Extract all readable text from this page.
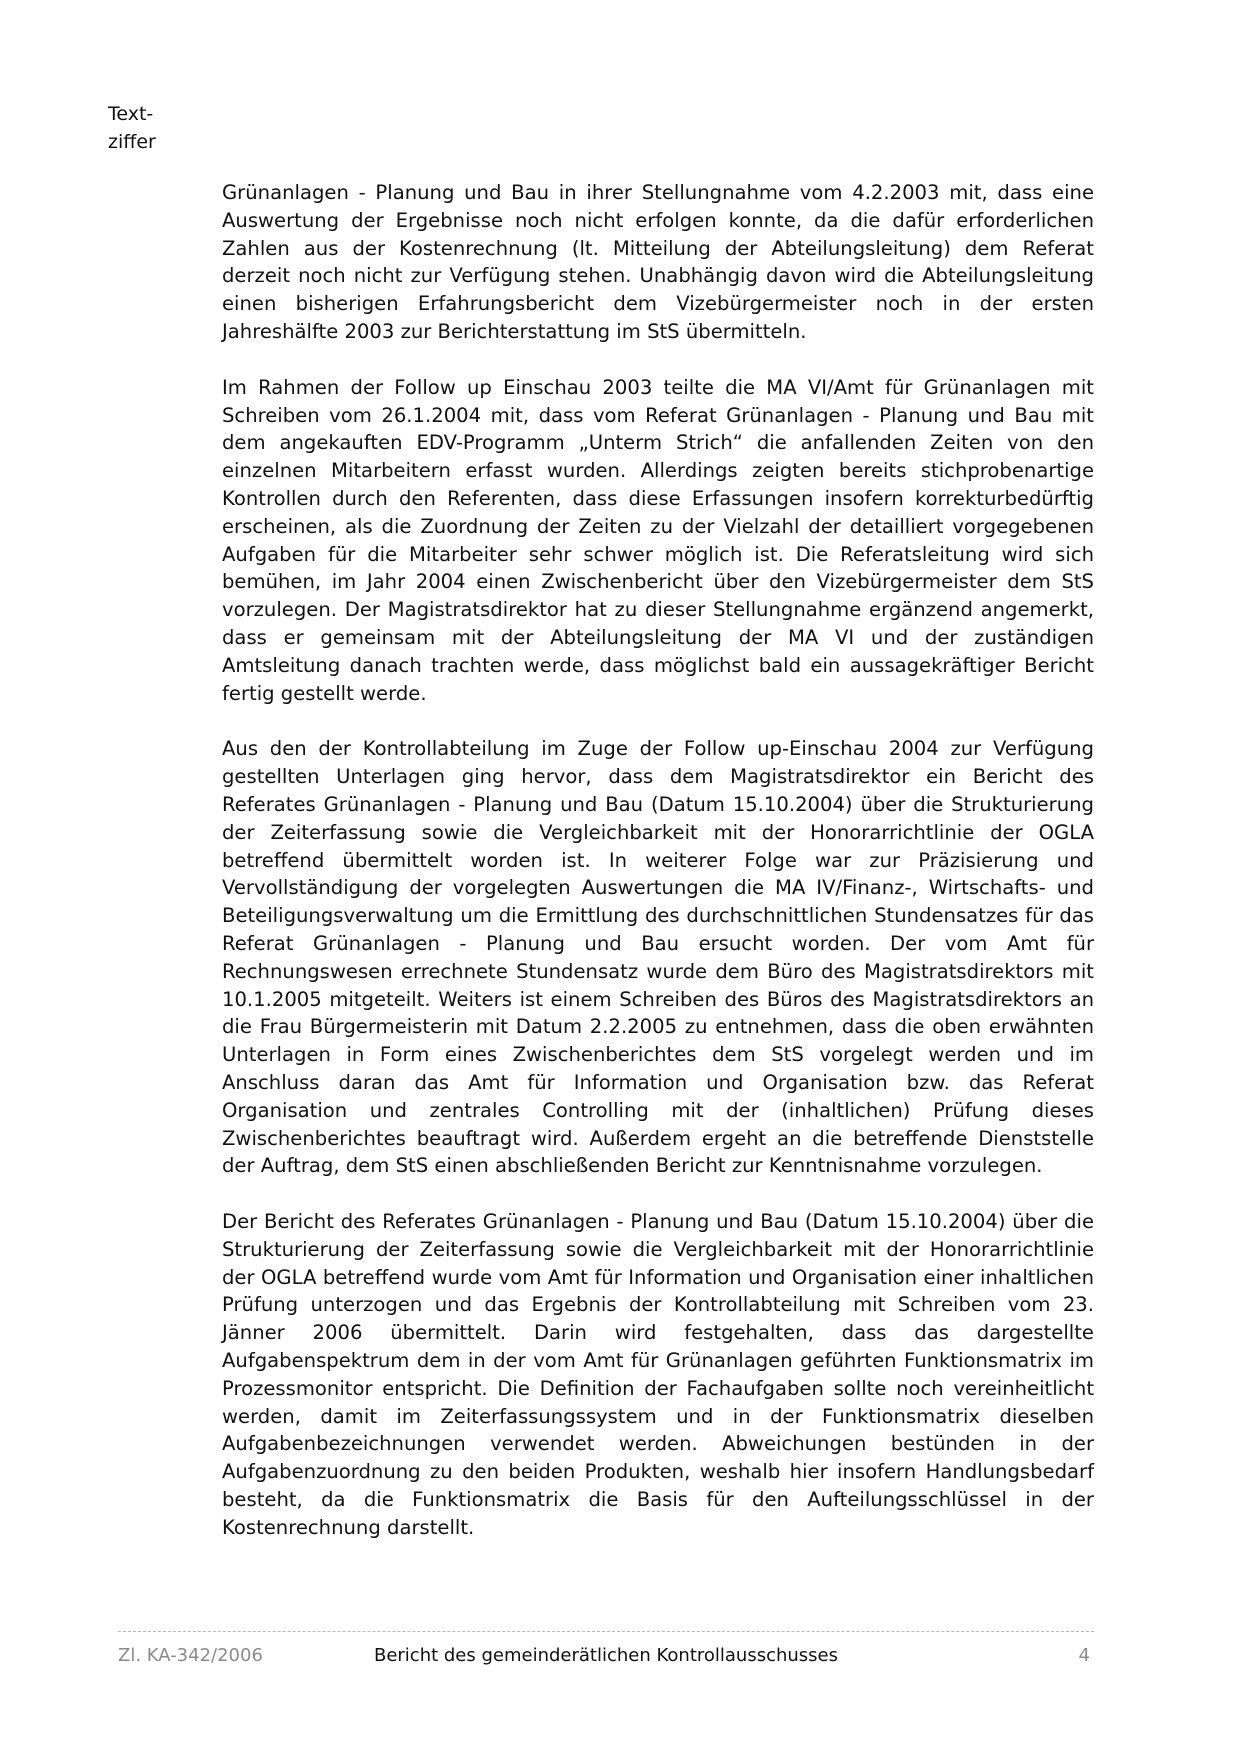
Text-
ziffer

Grünanlagen - Planung und Bau in ihrer Stellungnahme vom 4.2.2003 mit, dass eine Auswertung der Ergebnisse noch nicht erfolgen konnte, da die dafür erforderlichen Zahlen aus der Kostenrechnung (lt. Mitteilung der Abteilungsleitung) dem Referat derzeit noch nicht zur Verfügung stehen. Unabhängig davon wird die Abteilungsleitung einen bisherigen Erfahrungsbericht dem Vizebürgermeister noch in der ersten Jahreshälfte 2003 zur Berichterstattung im StS übermitteln.

Im Rahmen der Follow up Einschau 2003 teilte die MA VI/Amt für Grünanlagen mit Schreiben vom 26.1.2004 mit, dass vom Referat Grünanlagen - Planung und Bau mit dem angekauften EDV-Programm „Unterm Strich“ die anfallenden Zeiten von den einzelnen Mitarbeitern erfasst wurden. Allerdings zeigten bereits stichprobenartige Kontrollen durch den Referenten, dass diese Erfassungen insofern korrekturbedürftig erscheinen, als die Zuordnung der Zeiten zu der Vielzahl der detailliert vorgegebenen Aufgaben für die Mitarbeiter sehr schwer möglich ist. Die Referatsleitung wird sich bemühen, im Jahr 2004 einen Zwischenbericht über den Vizebürgermeister dem StS vorzulegen. Der Magistratsdirektor hat zu dieser Stellungnahme ergänzend angemerkt, dass er gemeinsam mit der Abteilungsleitung der MA VI und der zuständigen Amtsleitung danach trachten werde, dass möglichst bald ein aussagekräftiger Bericht fertig gestellt werde.

Aus den der Kontrollabteilung im Zuge der Follow up-Einschau 2004 zur Verfügung gestellten Unterlagen ging hervor, dass dem Magistratsdirektor ein Bericht des Referates Grünanlagen - Planung und Bau (Datum 15.10.2004) über die Strukturierung der Zeiterfassung sowie die Vergleichbarkeit mit der Honorarrichtlinie der OGLA betreffend übermittelt worden ist. In weiterer Folge war zur Präzisierung und Vervollständigung der vorgelegten Auswertungen die MA IV/Finanz-, Wirtschafts- und Beteiligungsverwaltung um die Ermittlung des durchschnittlichen Stundensatzes für das Referat Grünanlagen - Planung und Bau ersucht worden. Der vom Amt für Rechnungswesen errechnete Stundensatz wurde dem Büro des Magistratsdirektors mit 10.1.2005 mitgeteilt. Weiters ist einem Schreiben des Büros des Magistratsdirektors an die Frau Bürgermeisterin mit Datum 2.2.2005 zu entnehmen, dass die oben erwähnten Unterlagen in Form eines Zwischenberichtes dem StS vorgelegt werden und im Anschluss daran das Amt für Information und Organisation bzw. das Referat Organisation und zentrales Controlling mit der (inhaltlichen) Prüfung dieses Zwischenberichtes beauftragt wird. Außerdem ergeht an die betreffende Dienststelle der Auftrag, dem StS einen abschließenden Bericht zur Kenntnisnahme vorzulegen.

Der Bericht des Referates Grünanlagen - Planung und Bau (Datum 15.10.2004) über die Strukturierung der Zeiterfassung sowie die Vergleichbarkeit mit der Honorarrichtlinie der OGLA betreffend wurde vom Amt für Information und Organisation einer inhaltlichen Prüfung unterzogen und das Ergebnis der Kontrollabteilung mit Schreiben vom 23. Jänner 2006 übermittelt. Darin wird festgehalten, dass das dargestellte Aufgabenspektrum dem in der vom Amt für Grünanlagen geführten Funktionsmatrix im Prozessmonitor entspricht. Die Definition der Fachaufgaben sollte noch vereinheitlicht werden, damit im Zeiterfassungssystem und in der Funktionsmatrix dieselben Aufgabenbezeichnungen verwendet werden. Abweichungen bestünden in der Aufgabenzuordnung zu den beiden Produkten, weshalb hier insofern Handlungsbedarf besteht, da die Funktionsmatrix die Basis für den Aufteilungsschlüssel in der Kostenrechnung darstellt.

Zl. KA-342/2006	Bericht des gemeinderätlichen Kontrollausschusses	4
